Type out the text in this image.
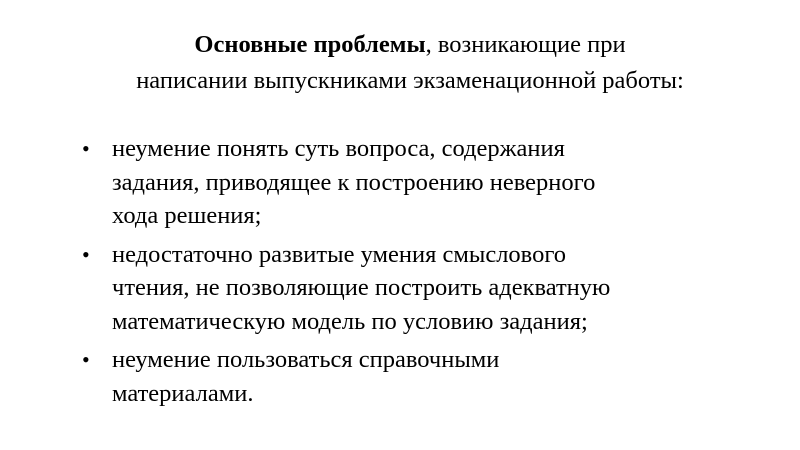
Основные проблемы, возникающие при
написании выпускниками экзаменационной работы:
• неумение понять суть вопроса, содержания
задания, приводящее к построению неверного
хода решения;
• недостаточно развитые умения смыслового
чтения, не позволяющие построить адекватную
математическую модель по условию задания;
• неумение пользоваться справочными
материалами.
